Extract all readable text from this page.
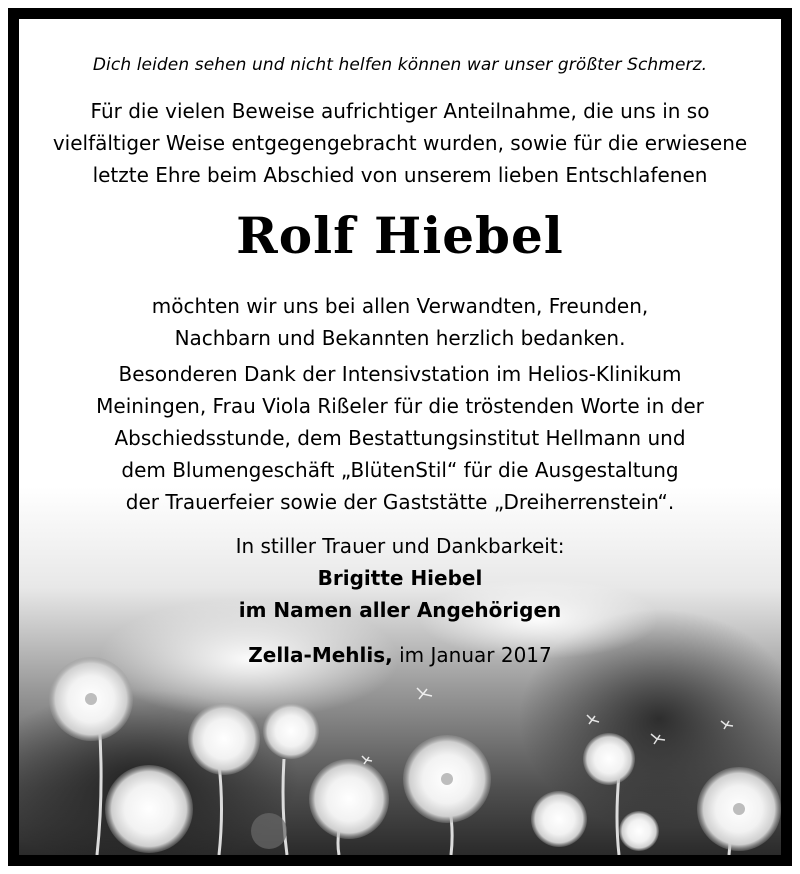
Dich leiden sehen und nicht helfen können war unser größter Schmerz.
Für die vielen Beweise aufrichtiger Anteilnahme, die uns in so
vielfältiger Weise entgegengebracht wurden, sowie für die erwiesene
letzte Ehre beim Abschied von unserem lieben Entschlafenen
Rolf Hiebel
möchten wir uns bei allen Verwandten, Freunden,
Nachbarn und Bekannten herzlich bedanken.
Besonderen Dank der Intensivstation im Helios-Klinikum
Meiningen, Frau Viola Rißeler für die tröstenden Worte in der
Abschiedsstunde, dem Bestattungsinstitut Hellmann und
dem Blumengeschäft „BlütenStil“ für die Ausgestaltung
der Trauerfeier sowie der Gaststätte „Dreiherrenstein“.
In stiller Trauer und Dankbarkeit:
Brigitte Hiebel
im Namen aller Angehörigen
Zella-Mehlis, im Januar 2017
